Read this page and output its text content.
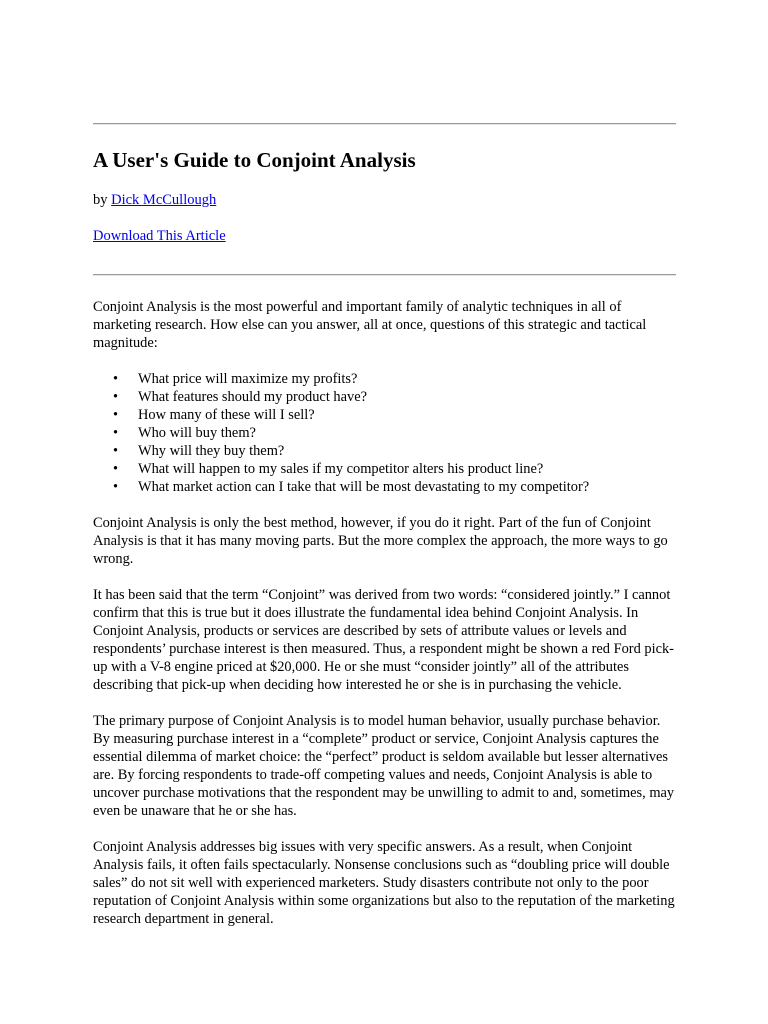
A User's Guide to Conjoint Analysis
by Dick McCullough
Download This Article

Conjoint Analysis is the most powerful and important family of analytic techniques in all of marketing research. How else can you answer, all at once, questions of this strategic and tactical magnitude:

• What price will maximize my profits?
• What features should my product have?
• How many of these will I sell?
• Who will buy them?
• Why will they buy them?
• What will happen to my sales if my competitor alters his product line?
• What market action can I take that will be most devastating to my competitor?

Conjoint Analysis is only the best method, however, if you do it right. Part of the fun of Conjoint Analysis is that it has many moving parts. But the more complex the approach, the more ways to go wrong.

It has been said that the term “Conjoint” was derived from two words: “considered jointly.” I cannot confirm that this is true but it does illustrate the fundamental idea behind Conjoint Analysis. In Conjoint Analysis, products or services are described by sets of attribute values or levels and respondents’ purchase interest is then measured. Thus, a respondent might be shown a red Ford pick-up with a V-8 engine priced at $20,000. He or she must “consider jointly” all of the attributes describing that pick-up when deciding how interested he or she is in purchasing the vehicle.

The primary purpose of Conjoint Analysis is to model human behavior, usually purchase behavior. By measuring purchase interest in a “complete” product or service, Conjoint Analysis captures the essential dilemma of market choice: the “perfect” product is seldom available but lesser alternatives are. By forcing respondents to trade-off competing values and needs, Conjoint Analysis is able to uncover purchase motivations that the respondent may be unwilling to admit to and, sometimes, may even be unaware that he or she has.

Conjoint Analysis addresses big issues with very specific answers. As a result, when Conjoint Analysis fails, it often fails spectacularly. Nonsense conclusions such as “doubling price will double sales” do not sit well with experienced marketers. Study disasters contribute not only to the poor reputation of Conjoint Analysis within some organizations but also to the reputation of the marketing research department in general.
